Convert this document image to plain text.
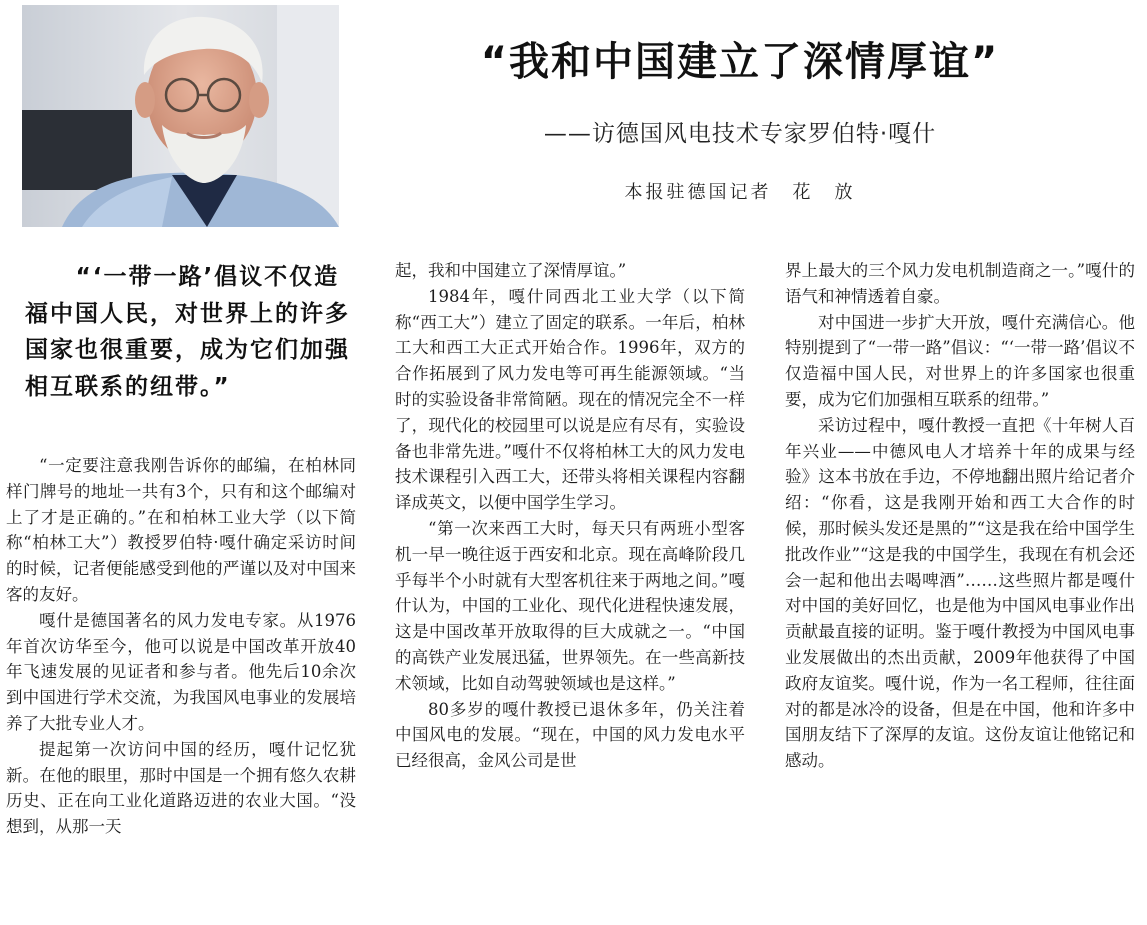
“我和中国建立了深情厚谊”
——访德国风电技术专家罗伯特·嘎什
本报驻德国记者　花　放
“‘一带一路’倡议不仅造福中国人民，对世界上的许多国家也很重要，成为它们加强相互联系的纽带。”

“一定要注意我刚告诉你的邮编，在柏林同样门牌号的地址一共有3个，只有和这个邮编对上了才是正确的。”在和柏林工业大学（以下简称“柏林工大”）教授罗伯特·嘎什确定采访时间的时候，记者便能感受到他的严谨以及对中国来客的友好。

嘎什是德国著名的风力发电专家。从1976年首次访华至今，他可以说是中国改革开放40年飞速发展的见证者和参与者。他先后10余次到中国进行学术交流，为我国风电事业的发展培养了大批专业人才。

提起第一次访问中国的经历，嘎什记忆犹新。在他的眼里，那时中国是一个拥有悠久农耕历史、正在向工业化道路迈进的农业大国。“没想到，从那一天

起，我和中国建立了深情厚谊。”

1984年，嘎什同西北工业大学（以下简称“西工大”）建立了固定的联系。一年后，柏林工大和西工大正式开始合作。1996年，双方的合作拓展到了风力发电等可再生能源领域。“当时的实验设备非常简陋。现在的情况完全不一样了，现代化的校园里可以说是应有尽有，实验设备也非常先进。”嘎什不仅将柏林工大的风力发电技术课程引入西工大，还带头将相关课程内容翻译成英文，以便中国学生学习。

“第一次来西工大时，每天只有两班小型客机一早一晚往返于西安和北京。现在高峰阶段几乎每半个小时就有大型客机往来于两地之间。”嘎什认为，中国的工业化、现代化进程快速发展，这是中国改革开放取得的巨大成就之一。“中国的高铁产业发展迅猛，世界领先。在一些高新技术领域，比如自动驾驶领域也是这样。”

80多岁的嘎什教授已退休多年，仍关注着中国风电的发展。“现在，中国的风力发电水平已经很高，金风公司是世

界上最大的三个风力发电机制造商之一。”嘎什的语气和神情透着自豪。

对中国进一步扩大开放，嘎什充满信心。他特别提到了“一带一路”倡议：“‘一带一路’倡议不仅造福中国人民，对世界上的许多国家也很重要，成为它们加强相互联系的纽带。”

采访过程中，嘎什教授一直把《十年树人百年兴业——中德风电人才培养十年的成果与经验》这本书放在手边，不停地翻出照片给记者介绍：“你看，这是我刚开始和西工大合作的时候，那时候头发还是黑的”“这是我在给中国学生批改作业”“这是我的中国学生，我现在有机会还会一起和他出去喝啤酒”……这些照片都是嘎什对中国的美好回忆，也是他为中国风电事业作出贡献最直接的证明。鉴于嘎什教授为中国风电事业发展做出的杰出贡献，2009年他获得了中国政府友谊奖。嘎什说，作为一名工程师，往往面对的都是冰冷的设备，但是在中国，他和许多中国朋友结下了深厚的友谊。这份友谊让他铭记和感动。
